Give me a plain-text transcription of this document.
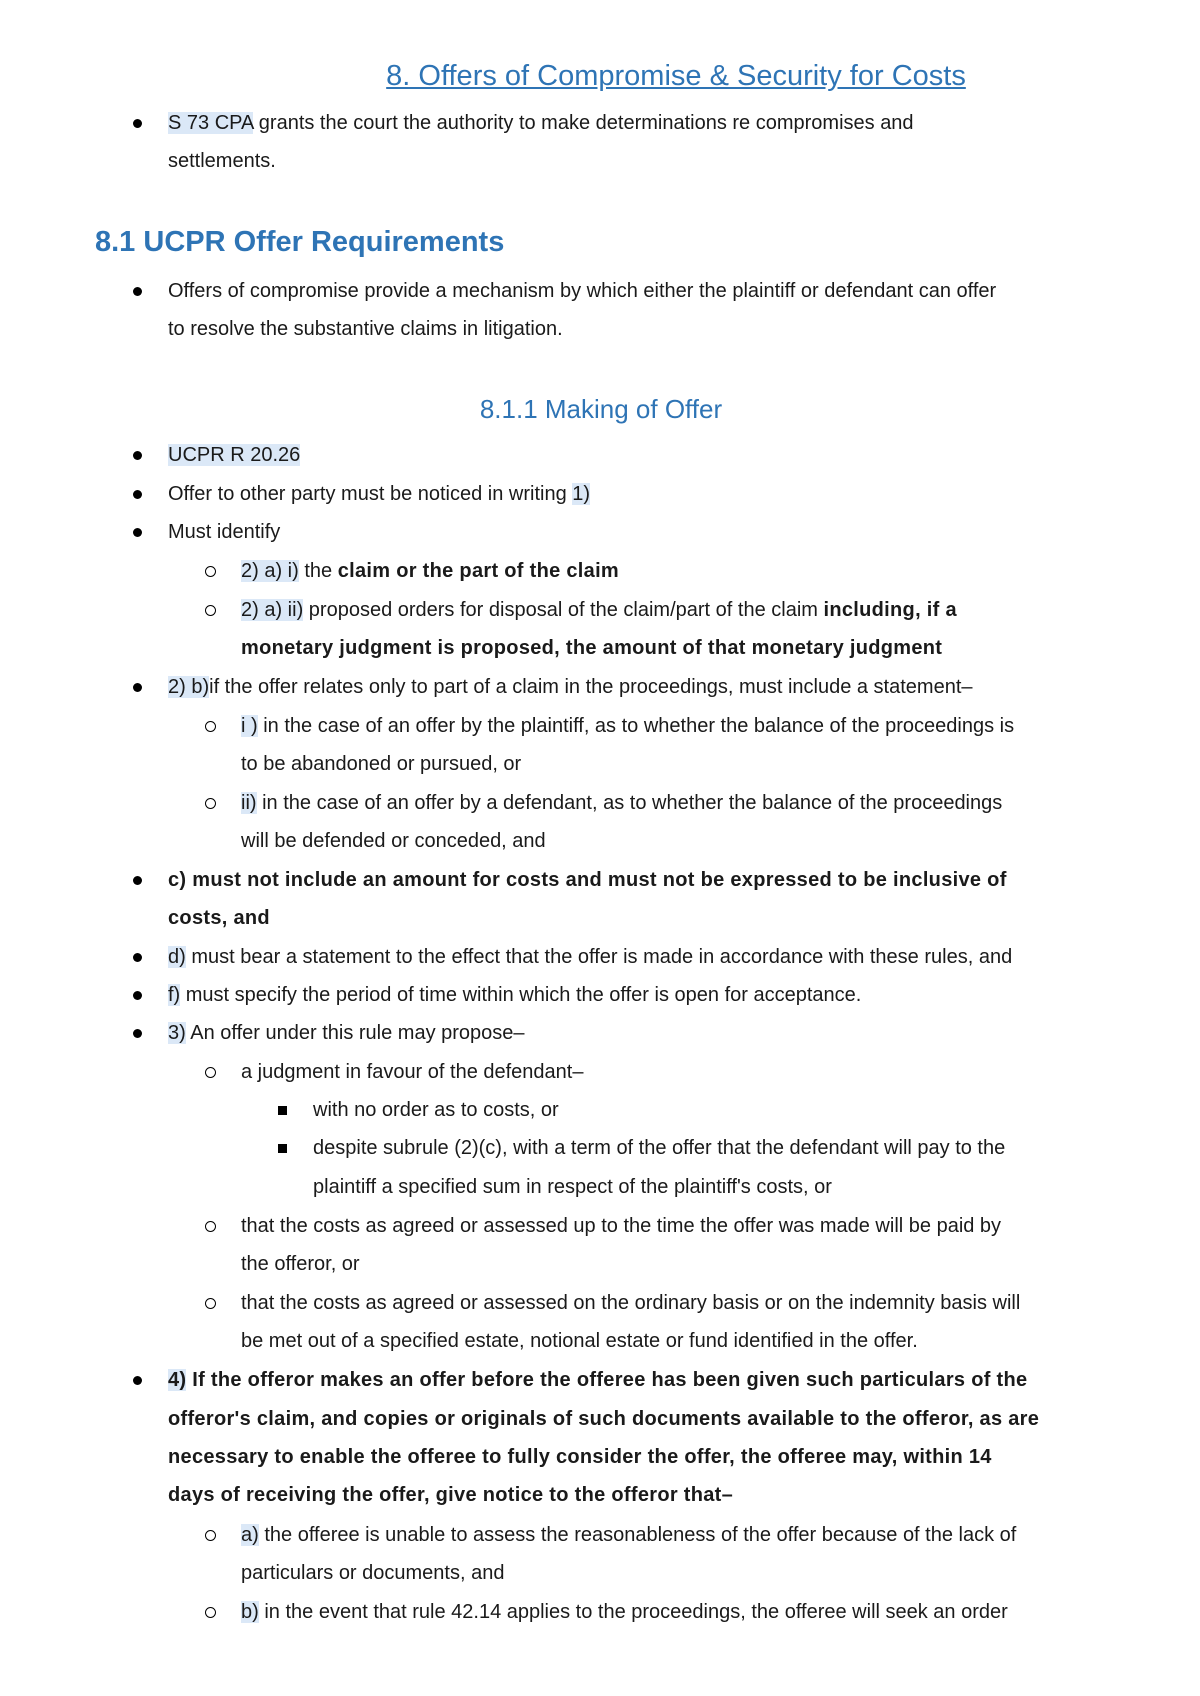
8. Offers of Compromise & Security for Costs
S 73 CPA grants the court the authority to make determinations re compromises and
settlements.
8.1 UCPR Offer Requirements
Offers of compromise provide a mechanism by which either the plaintiff or defendant can offer
to resolve the substantive claims in litigation.
8.1.1 Making of Offer
UCPR R 20.26
Offer to other party must be noticed in writing 1)
Must identify
2) a) i) the claim or the part of the claim
2) a) ii) proposed orders for disposal of the claim/part of the claim including, if a
monetary judgment is proposed, the amount of that monetary judgment
2) b)if the offer relates only to part of a claim in the proceedings, must include a statement–
i ) in the case of an offer by the plaintiff, as to whether the balance of the proceedings is
to be abandoned or pursued, or
ii) in the case of an offer by a defendant, as to whether the balance of the proceedings
will be defended or conceded, and
c) must not include an amount for costs and must not be expressed to be inclusive of
costs, and
d) must bear a statement to the effect that the offer is made in accordance with these rules, and
f) must specify the period of time within which the offer is open for acceptance.
3) An offer under this rule may propose–
a judgment in favour of the defendant–
with no order as to costs, or
despite subrule (2)(c), with a term of the offer that the defendant will pay to the
plaintiff a specified sum in respect of the plaintiff's costs, or
that the costs as agreed or assessed up to the time the offer was made will be paid by
the offeror, or
that the costs as agreed or assessed on the ordinary basis or on the indemnity basis will
be met out of a specified estate, notional estate or fund identified in the offer.
4) If the offeror makes an offer before the offeree has been given such particulars of the
offeror's claim, and copies or originals of such documents available to the offeror, as are
necessary to enable the offeree to fully consider the offer, the offeree may, within 14
days of receiving the offer, give notice to the offeror that–
a) the offeree is unable to assess the reasonableness of the offer because of the lack of
particulars or documents, and
b) in the event that rule 42.14 applies to the proceedings, the offeree will seek an order
